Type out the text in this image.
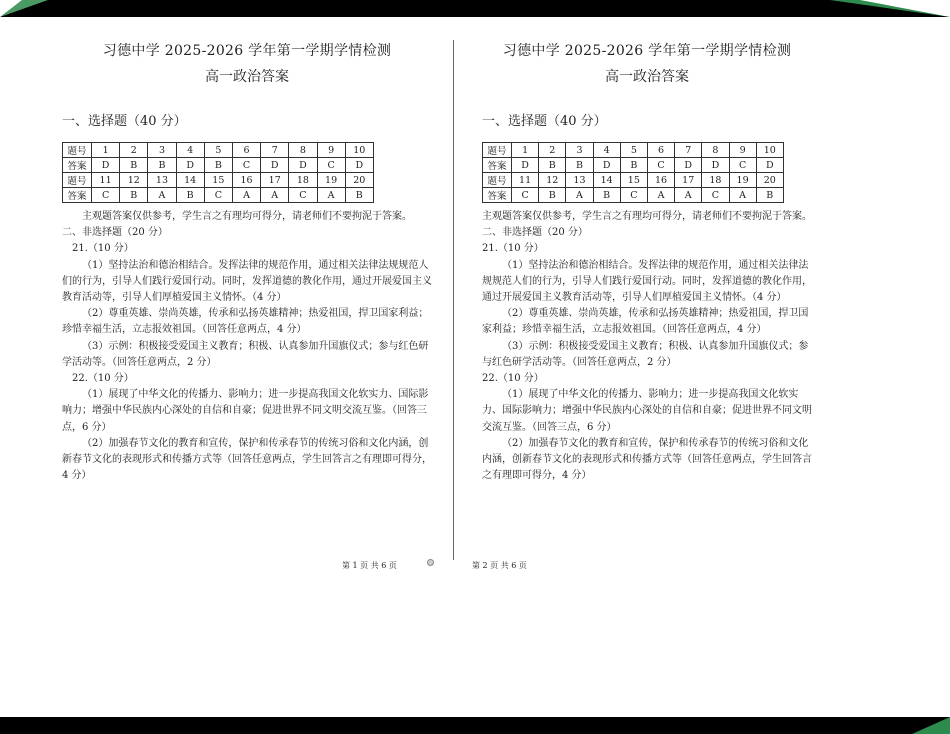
习德中学 2025-2026 学年第一学期学情检测
高一政治答案
一、选择题（40 分）
题号	1	2	3	4	5	6	7	8	9	10
答案	D	B	B	D	B	C	D	D	C	D
题号	11	12	13	14	15	16	17	18	19	20
答案	C	B	A	B	C	A	A	C	A	B

主观题答案仅供参考，学生言之有理均可得分，请老师们不要拘泥于答案。

二、非选择题（20 分）

21.（10 分）

（1）坚持法治和德治相结合。发挥法律的规范作用，通过相关法律法规规范人们的行为，引导人们践行爱国行动。同时，发挥道德的教化作用，通过开展爱国主义教育活动等，引导人们厚植爱国主义情怀。（4 分）

（2）尊重英雄、崇尚英雄，传承和弘扬英雄精神；热爱祖国，捍卫国家利益；珍惜幸福生活，立志报效祖国。（回答任意两点，4 分）

（3）示例：积极接受爱国主义教育；积极、认真参加升国旗仪式；参与红色研学活动等。（回答任意两点，2 分）

22.（10 分）

（1）展现了中华文化的传播力、影响力；进一步提高我国文化软实力、国际影响力；增强中华民族内心深处的自信和自豪；促进世界不同文明交流互鉴。（回答三点，6 分）

（2）加强春节文化的教育和宣传，保护和传承春节的传统习俗和文化内涵，创新春节文化的表现形式和传播方式等（回答任意两点，学生回答言之有理即可得分，4 分）

第 1 页 共 6 页
习德中学 2025-2026 学年第一学期学情检测
高一政治答案
一、选择题（40 分）
题号	1	2	3	4	5	6	7	8	9	10
答案	D	B	B	D	B	C	D	D	C	D
题号	11	12	13	14	15	16	17	18	19	20
答案	C	B	A	B	C	A	A	C	A	B

主观题答案仅供参考，学生言之有理均可得分，请老师们不要拘泥于答案。

二、非选择题（20 分）

21.（10 分）

（1）坚持法治和德治相结合。发挥法律的规范作用，通过相关法律法规规范人们的行为，引导人们践行爱国行动。同时，发挥道德的教化作用，通过开展爱国主义教育活动等，引导人们厚植爱国主义情怀。（4 分）

（2）尊重英雄、崇尚英雄，传承和弘扬英雄精神；热爱祖国，捍卫国家利益；珍惜幸福生活，立志报效祖国。（回答任意两点，4 分）

（3）示例：积极接受爱国主义教育；积极、认真参加升国旗仪式；参与红色研学活动等。（回答任意两点，2 分）

22.（10 分）

（1）展现了中华文化的传播力、影响力；进一步提高我国文化软实力、国际影响力；增强中华民族内心深处的自信和自豪；促进世界不同文明交流互鉴。（回答三点，6 分）

（2）加强春节文化的教育和宣传，保护和传承春节的传统习俗和文化内涵，创新春节文化的表现形式和传播方式等（回答任意两点，学生回答言之有理即可得分，4 分）

第 2 页 共 6 页
